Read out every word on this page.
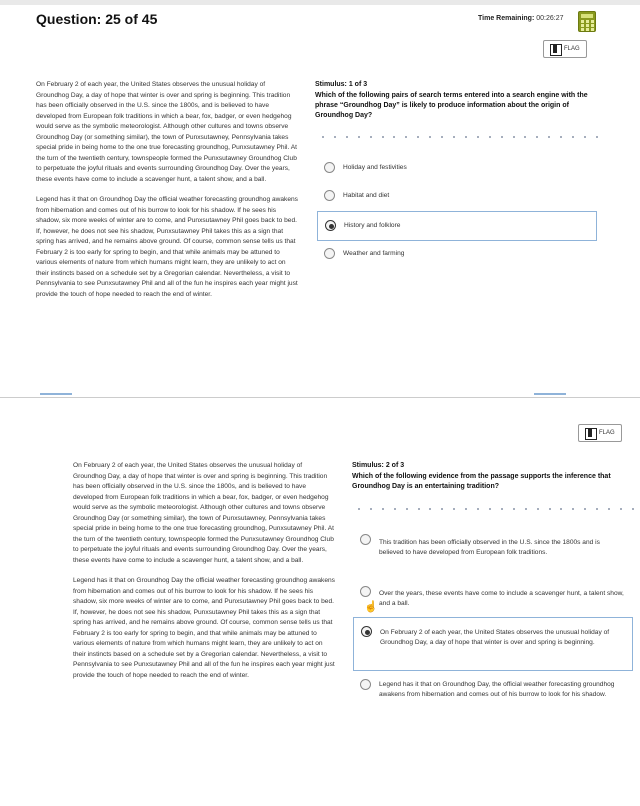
Question: 25 of 45	Time Remaining: 00:26:27
FLAG

On February 2 of each year, the United States observes the unusual holiday of Groundhog Day, a day of hope that winter is over and spring is beginning. This tradition has been officially observed in the U.S. since the 1800s, and is believed to have developed from European folk traditions in which a bear, fox, badger, or even hedgehog would serve as the symbolic meteorologist. Although other cultures and towns observe Groundhog Day (or something similar), the town of Punxsutawney, Pennsylvania takes special pride in being home to the one true forecasting groundhog, Punxsutawney Phil. At the turn of the twentieth century, townspeople formed the Punxsutawney Groundhog Club to perpetuate the joyful rituals and events surrounding Groundhog Day. Over the years, these events have come to include a scavenger hunt, a talent show, and a ball.

Legend has it that on Groundhog Day the official weather forecasting groundhog awakens from hibernation and comes out of his burrow to look for his shadow. If he sees his shadow, six more weeks of winter are to come, and Punxsutawney Phil goes back to bed. If, however, he does not see his shadow, Punxsutawney Phil takes this as a sign that spring has arrived, and he remains above ground. Of course, common sense tells us that February 2 is too early for spring to begin, and that while animals may be attuned to various elements of nature from which humans might learn, they are unlikely to act on their instincts based on a schedule set by a Gregorian calendar. Nevertheless, a visit to Pennsylvania to see Punxsutawney Phil and all of the fun he inspires each year might just provide the touch of hope needed to reach the end of winter.

Stimulus: 1 of 3
Which of the following pairs of search terms entered into a search engine with the phrase “Groundhog Day” is likely to produce information about the origin of Groundhog Day?
Holiday and festivities
Habitat and diet
History and folklore
Weather and farming
FLAG

On February 2 of each year, the United States observes the unusual holiday of Groundhog Day, a day of hope that winter is over and spring is beginning. This tradition has been officially observed in the U.S. since the 1800s, and is believed to have developed from European folk traditions in which a bear, fox, badger, or even hedgehog would serve as the symbolic meteorologist. Although other cultures and towns observe Groundhog Day (or something similar), the town of Punxsutawney, Pennsylvania takes special pride in being home to the one true forecasting groundhog, Punxsutawney Phil. At the turn of the twentieth century, townspeople formed the Punxsutawney Groundhog Club to perpetuate the joyful rituals and events surrounding Groundhog Day. Over the years, these events have come to include a scavenger hunt, a talent show, and a ball.

Legend has it that on Groundhog Day the official weather forecasting groundhog awakens from hibernation and comes out of his burrow to look for his shadow. If he sees his shadow, six more weeks of winter are to come, and Punxsutawney Phil goes back to bed. If, however, he does not see his shadow, Punxsutawney Phil takes this as a sign that spring has arrived, and he remains above ground. Of course, common sense tells us that February 2 is too early for spring to begin, and that while animals may be attuned to various elements of nature from which humans might learn, they are unlikely to act on their instincts based on a schedule set by a Gregorian calendar. Nevertheless, a visit to Pennsylvania to see Punxsutawney Phil and all of the fun he inspires each year might just provide the touch of hope needed to reach the end of winter.

Stimulus: 2 of 3
Which of the following evidence from the passage supports the inference that Groundhog Day is an entertaining tradition?
This tradition has been officially observed in the U.S. since the 1800s and is believed to have developed from European folk traditions.
Over the years, these events have come to include a scavenger hunt, a talent show, and a ball.
On February 2 of each year, the United States observes the unusual holiday of Groundhog Day, a day of hope that winter is over and spring is beginning.
Legend has it that on Groundhog Day, the official weather forecasting groundhog awakens from hibernation and comes out of his burrow to look for his shadow.
☝
